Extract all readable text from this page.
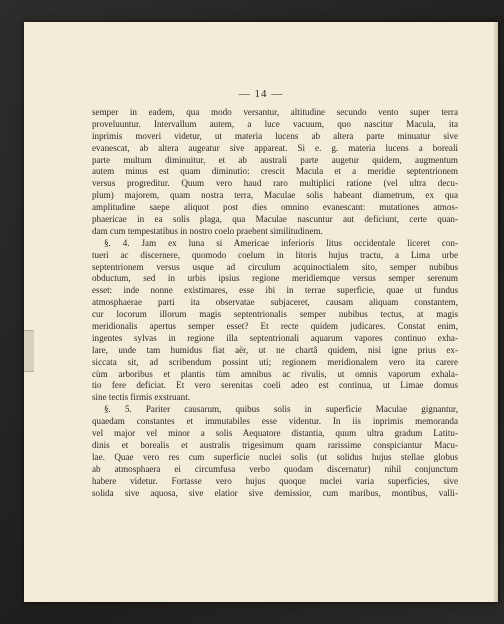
— 14 —
semper in eadem, qua modo versantur, altitudine secundo vento super terra
proveluuntur. Intervallum autem, a luce vacuum, quo nascitur Macula, ita
inprimis moveri videtur, ut materia lucens ab altera parte minuatur sive
evanescat, ab altera augeatur sive appareat. Si e. g. materia lucens a boreali
parte multum diminuitur, et ab australi parte augetur quidem, augmentum
autem minus est quam diminutio: crescit Macula et a meridie septentrionem
versus progreditur. Quum vero haud raro multiplici ratione (vel ultra decu-
plum) majorem, quam nostra terra, Maculae solis habeant diametrum, ex qua
amplitudine saepe aliquot post dies omnino evanescant: mutationes atmos-
phaericae in ea solis plaga, qua Maculae nascuntur aut deficiunt, certe quan-
dam cum tempestatibus in nostro coelo praebent similitudinem.
§. 4. Jam ex luna si Americae inferioris litus occidentale liceret con-
tueri ac discernere, quomodo coelum in litoris hujus tractu, a Lima urbe
septentrionem versus usque ad circulum acquinoctialem sito, semper nubibus
obductum, sed in urbis ipsius regione meridiemque versus semper serenum
esset: inde nonne existimares, esse ibi in terrae superficie, quae ut fundus
atmosphaerae parti ita observatae subjaceret, causam aliquam constantem,
cur locorum illorum magis septentrionalis semper nubibus tectus, at magis
meridionalis apertus semper esset? Et recte quidem judicares. Constat enim,
ingentes sylvas in regione illa septentrionali aquarum vapores continuo exha-
lare, unde tam humidus fiat aër, ut ne chartâ quidem, nisi igne prius ex-
siccata sit, ad scribendum possint uti; regionem meridionalem vero ita carere
cùm arboribus et plantis tùm amnibus ac rivulis, ut omnis vaporum exhala-
tio fere deficiat. Et vero serenitas coeli adeo est continua, ut Limae domus
sine tectis firmis exstruant.
§. 5. Pariter causarum, quibus solis in superficie Maculae gignantur,
quaedam constantes et immutabiles esse videntur. In iis inprimis memoranda
vel major vel minor a solis Aequatore distantia, quum ultra gradum Latitu-
dinis et borealis et australis trigesimum quam rarissime conspiciantur Macu-
lae. Quae vero res cum superficie nuclei solis (ut solidus hujus stellae globus
ab atmosphaera ei circumfusa verbo quodam discernatur) nihil conjunctum
habere videtur. Fortasse vero hujus quoque nuclei varia superficies, sive
solida sive aquosa, sive elatior sive demissior, cum maribus, montibus, valli-
